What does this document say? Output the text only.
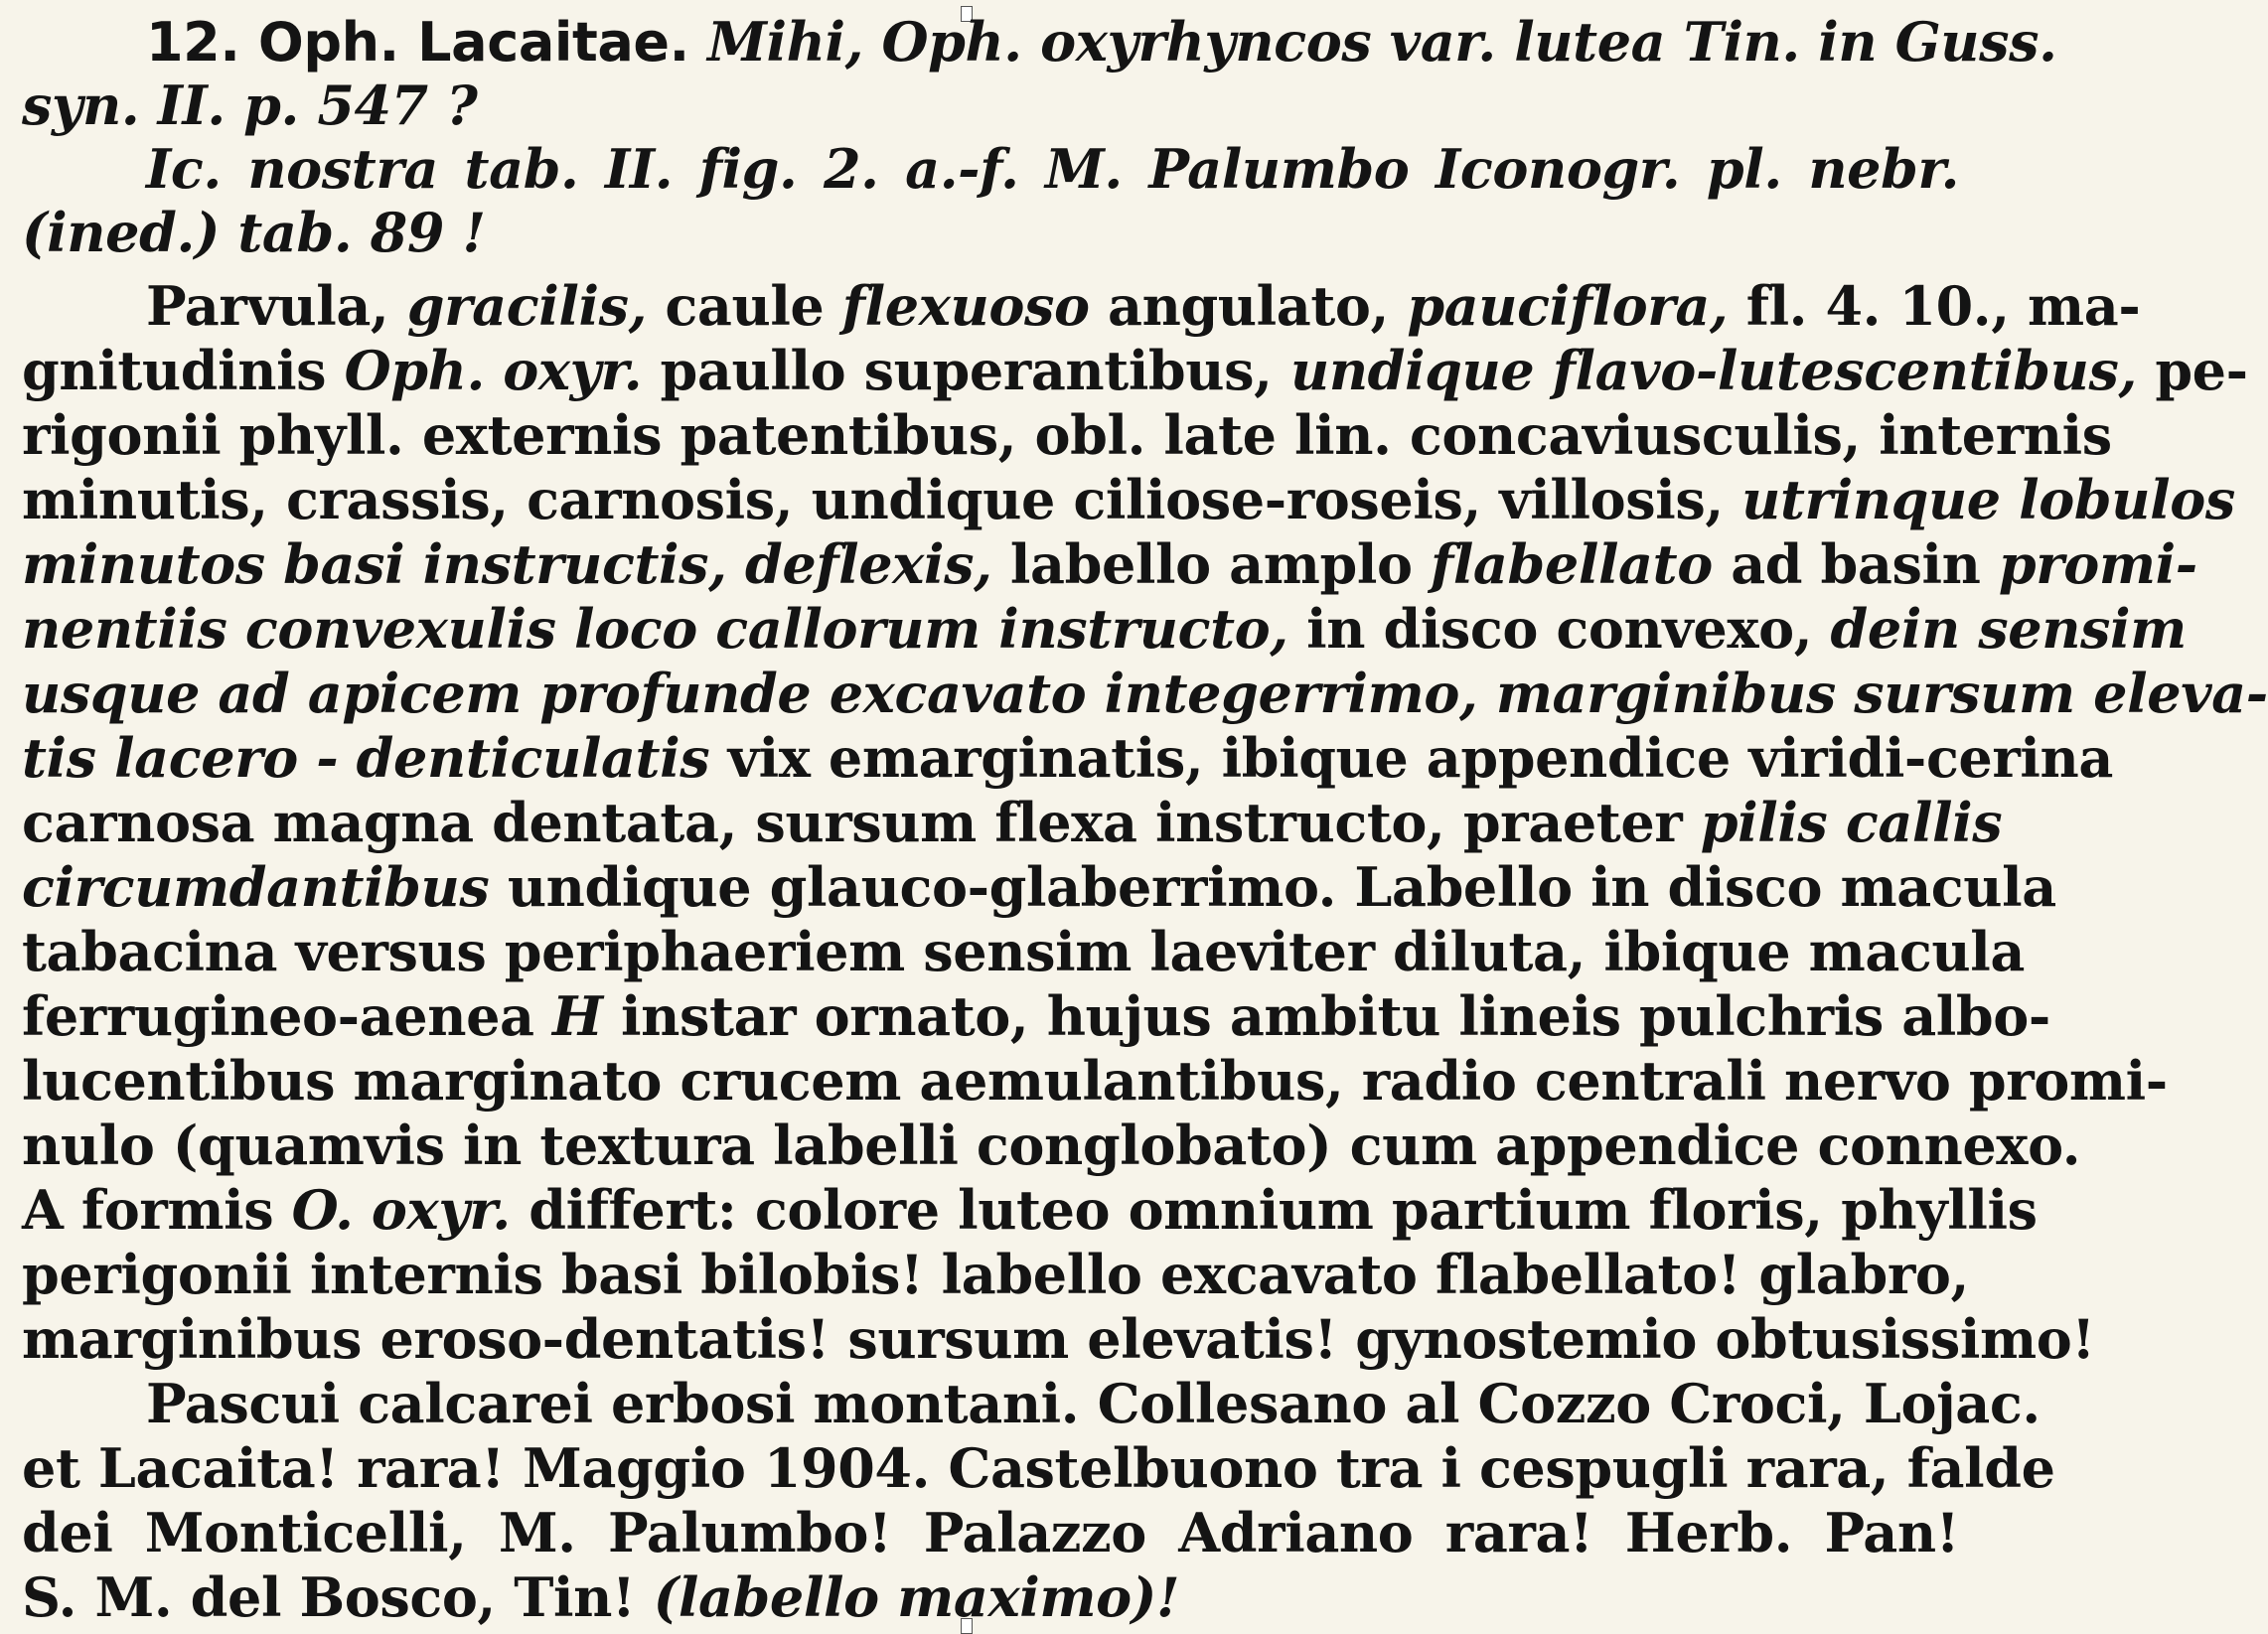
12. Oph. Lacaitae. Mihi, Oph. oxyrhyncos var. lutea Tin. in Guss.
syn. II. p. 547 ?
Ic. nostra tab. II. fig. 2. a.-f. M. Palumbo Iconogr. pl. nebr.
(ined.) tab. 89 !
Parvula, gracilis, caule flexuoso angulato, pauciflora, fl. 4. 10., ma-
gnitudinis Oph. oxyr. paullo superantibus, undique flavo-lutescentibus, pe-
rigonii phyll. externis patentibus, obl. late lin. concaviusculis, internis
minutis, crassis, carnosis, undique ciliose-roseis, villosis, utrinque lobulos
minutos basi instructis, deflexis, labello amplo flabellato ad basin promi-
nentiis convexulis loco callorum instructo, in disco convexo, dein sensim
usque ad apicem profunde excavato integerrimo, marginibus sursum eleva-
tis lacero - denticulatis vix emarginatis, ibique appendice viridi-cerina
carnosa magna dentata, sursum flexa instructo, praeter pilis callis
circumdantibus undique glauco-glaberrimo. Labello in disco macula
tabacina versus periphaeriem sensim laeviter diluta, ibique macula
ferrugineo-aenea H instar ornato, hujus ambitu lineis pulchris albo-
lucentibus marginato crucem aemulantibus, radio centrali nervo promi-
nulo (quamvis in textura labelli conglobato) cum appendice connexo.
A formis O. oxyr. differt: colore luteo omnium partium floris, phyllis
perigonii internis basi bilobis! labello excavato flabellato! glabro,
marginibus eroso-dentatis! sursum elevatis! gynostemio obtusissimo!
Pascui calcarei erbosi montani. Collesano al Cozzo Croci, Lojac.
et Lacaita! rara! Maggio 1904. Castelbuono tra i cespugli rara, falde
dei Monticelli, M. Palumbo! Palazzo Adriano rara! Herb. Pan!
S. M. del Bosco, Tin! (labello maximo)!
